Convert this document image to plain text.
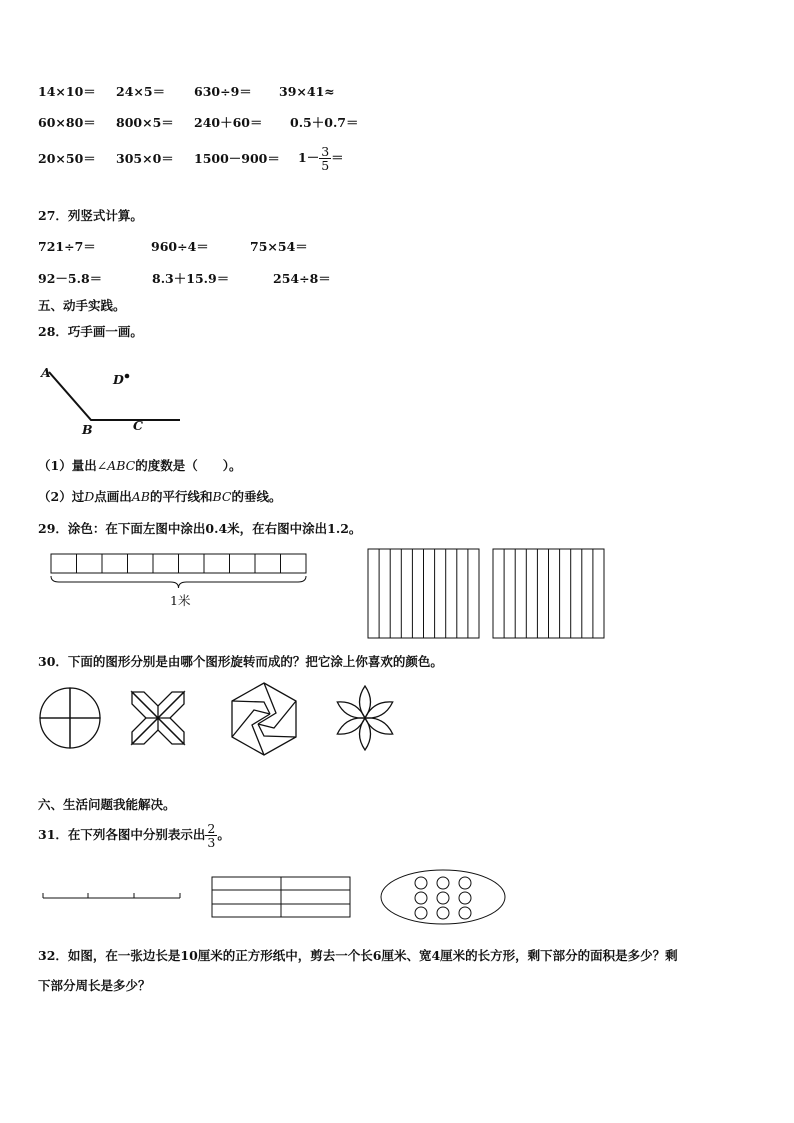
14×10＝ 24×5＝ 630÷9＝ 39×41≈
60×80＝ 800×5＝ 240＋60＝ 0.5＋0.7＝
$20\times 50= 305\times 0= 1500-900= 1- \frac{3}{5}$ ＝
27．列竖式计算。
721÷7＝	960÷4＝	75×54＝
92－5.8＝	8.3＋15.9＝	254÷8＝
五、动手实践。
28．巧手画一画。
A
B	C
D
（1）量出∠ABC的度数是（　　）。
（2）过D点画出AB的平行线和BC的垂线。
29．涂色：在下面左图中涂出0.4米，在右图中涂出1.2。
1米
30．下面的图形分别是由哪个图形旋转而成的？把它涂上你喜欢的颜色。
六、生活问题我能解决。
31．在下列各图中分别表示出 $\frac{2}{3}$ 。
32．如图，在一张边长是10厘米的正方形纸中，剪去一个长6厘米、宽4厘米的长方形，剩下部分的面积是多少？剩
下部分周长是多少？
